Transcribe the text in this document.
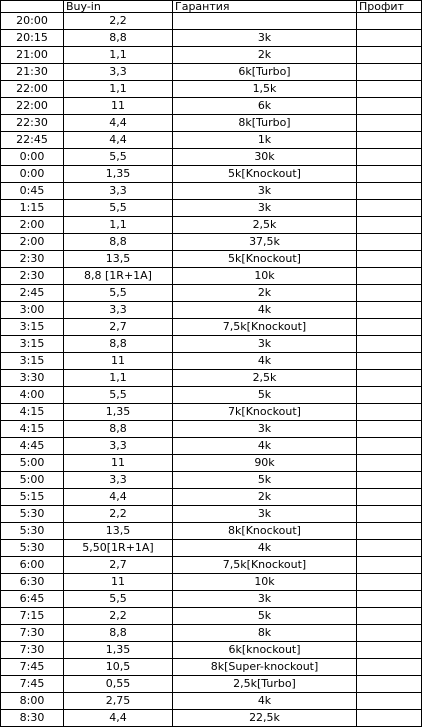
	Buy-in	Гарантия	Профит
20:00	2,2		
20:15	8,8	3k	
21:00	1,1	2k	
21:30	3,3	6k[Turbo]	
22:00	1,1	1,5k	
22:00	11	6k	
22:30	4,4	8k[Turbo]	
22:45	4,4	1k	
0:00	5,5	30k	
0:00	1,35	5k[Knockout]	
0:45	3,3	3k	
1:15	5,5	3k	
2:00	1,1	2,5k	
2:00	8,8	37,5k	
2:30	13,5	5k[Knockout]	
2:30	8,8 [1R+1A]	10k	
2:45	5,5	2k	
3:00	3,3	4k	
3:15	2,7	7,5k[Knockout]	
3:15	8,8	3k	
3:15	11	4k	
3:30	1,1	2,5k	
4:00	5,5	5k	
4:15	1,35	7k[Knockout]	
4:15	8,8	3k	
4:45	3,3	4k	
5:00	11	90k	
5:00	3,3	5k	
5:15	4,4	2k	
5:30	2,2	3k	
5:30	13,5	8k[Knockout]	
5:30	5,50[1R+1A]	4k	
6:00	2,7	7,5k[Knockout]	
6:30	11	10k	
6:45	5,5	3k	
7:15	2,2	5k	
7:30	8,8	8k	
7:30	1,35	6k[knockout]	
7:45	10,5	8k[Super-knockout]	
7:45	0,55	2,5k[Turbo]	
8:00	2,75	4k	
8:30	4,4	22,5k	
